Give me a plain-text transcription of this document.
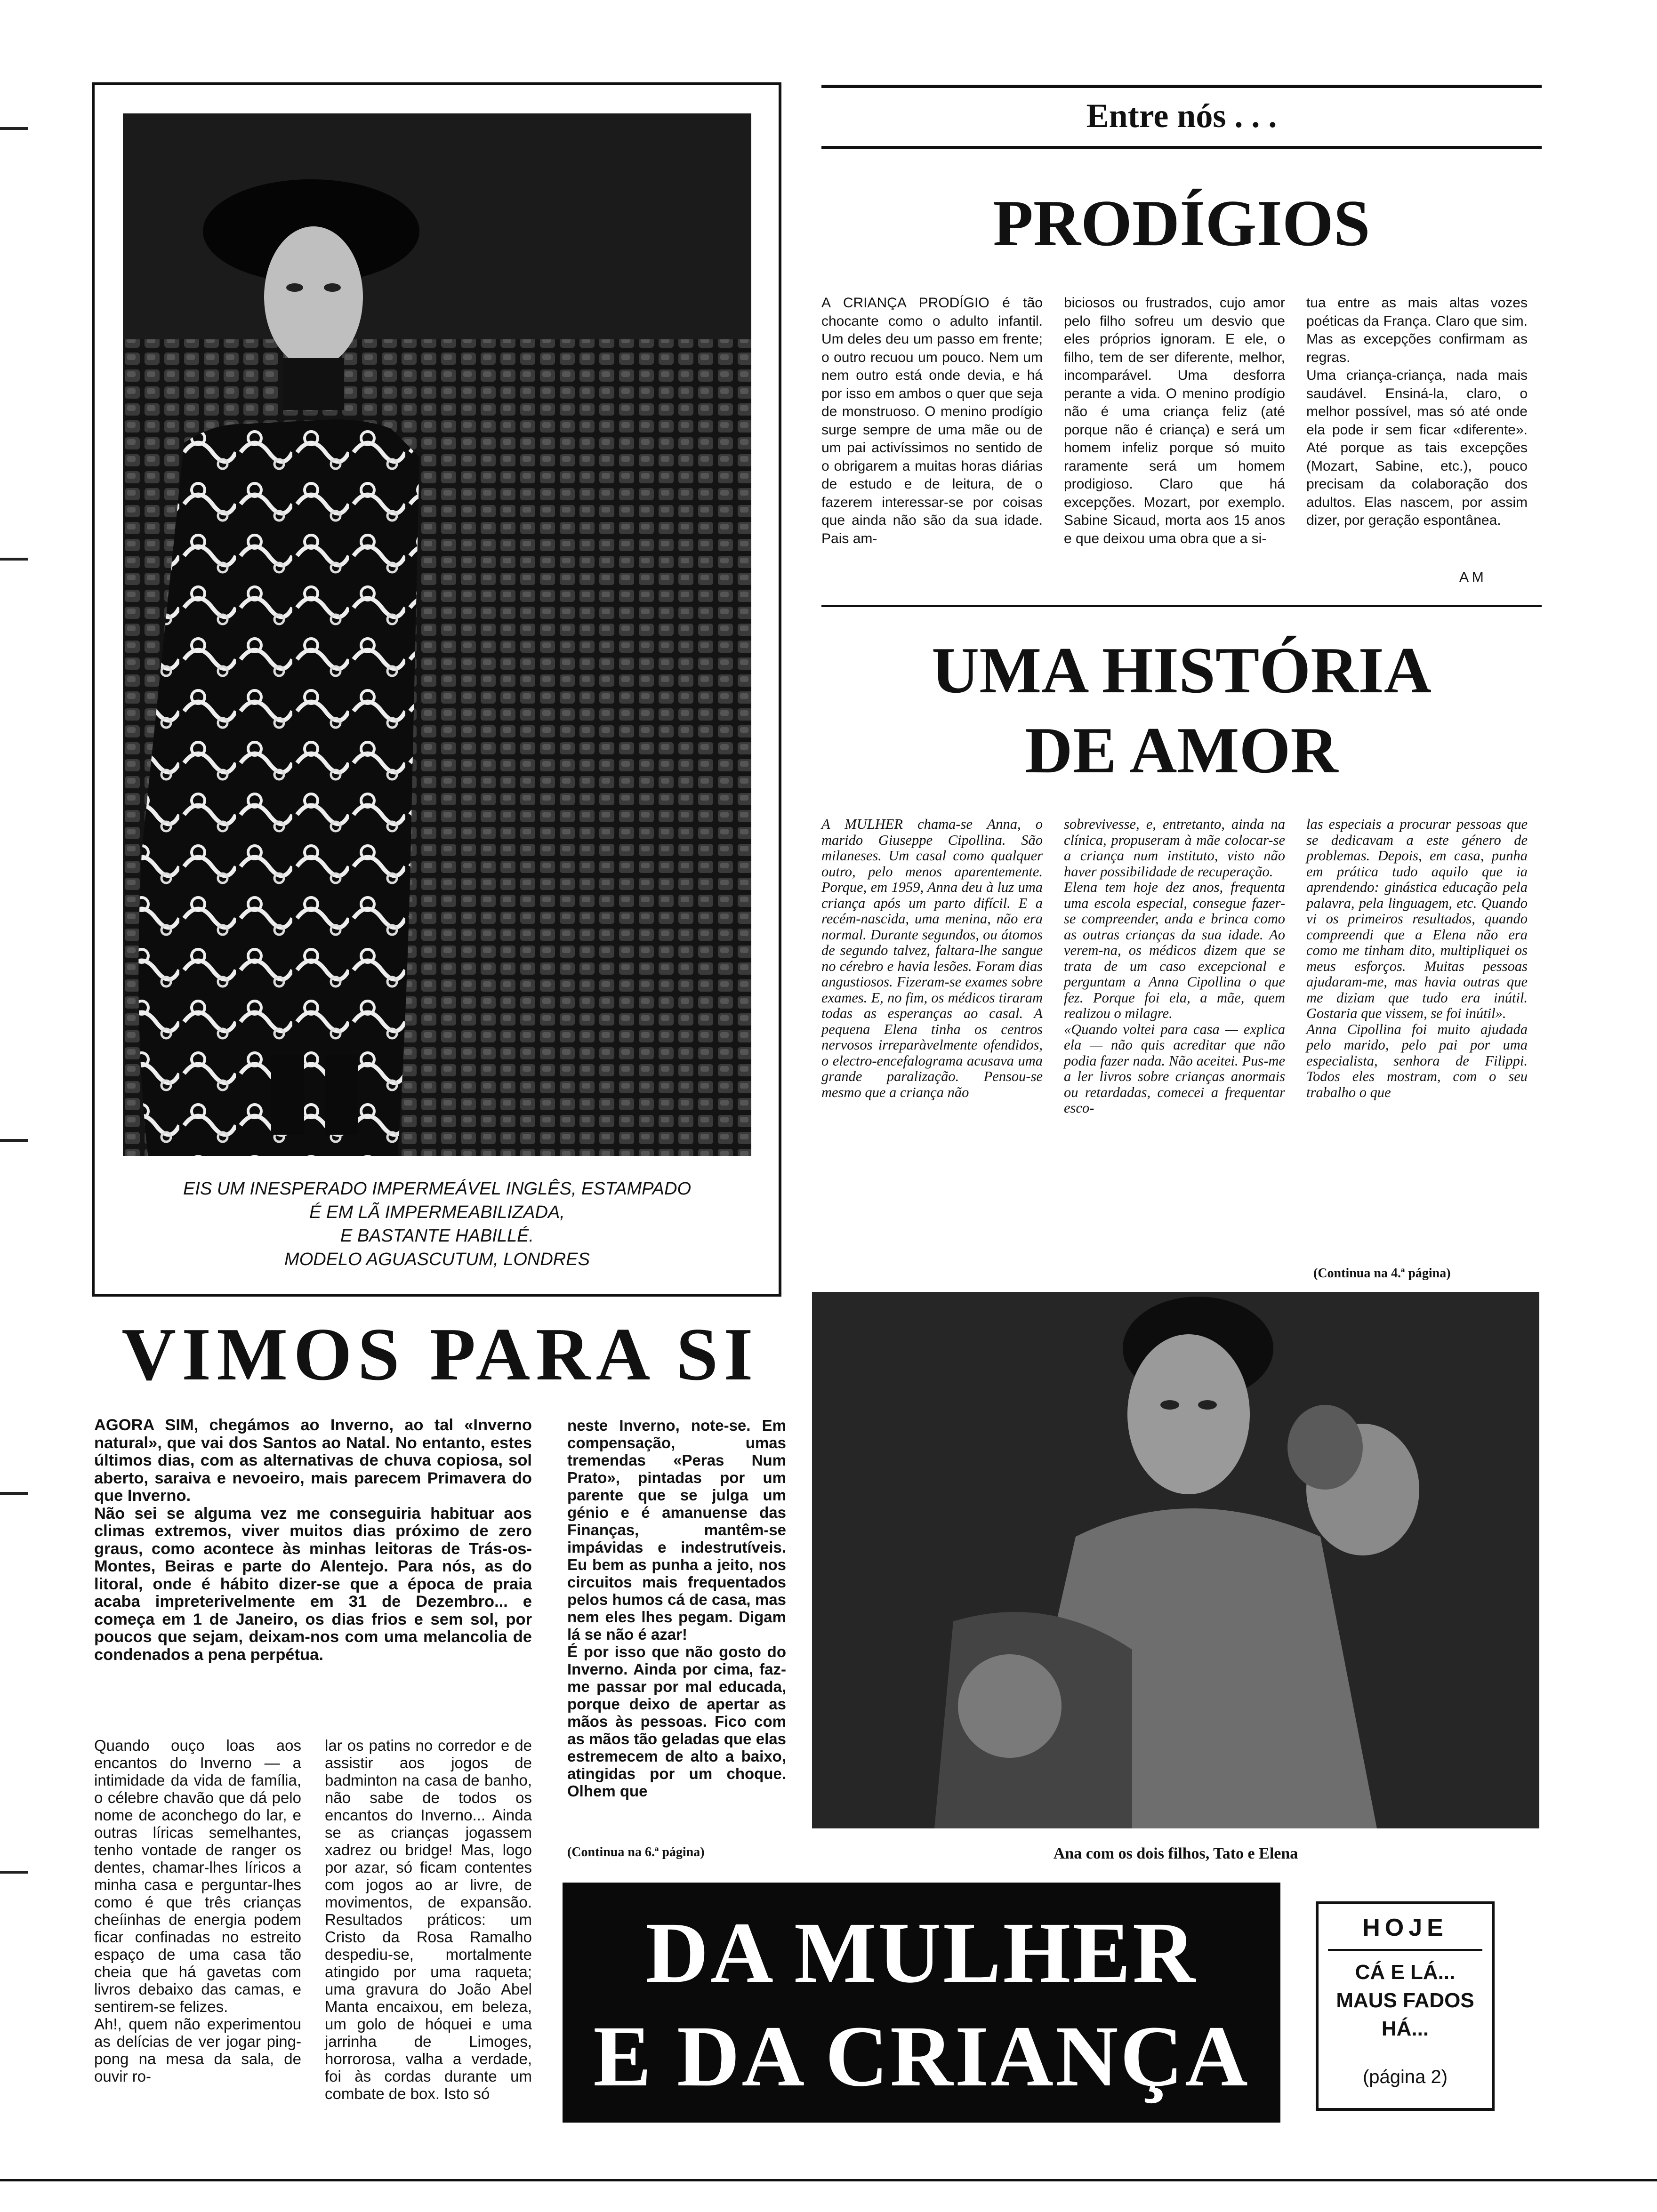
EIS UM INESPERADO IMPERMEÁVEL INGLÊS, ESTAMPADO
É EM LÃ IMPERMEABILIZADA,
E BASTANTE HABILLÉ.
MODELO AGUASCUTUM, LONDRES
Entre nós . . .
PRODÍGIOS
A CRIANÇA PRODÍGIO é tão chocante como o adulto infantil. Um deles deu um passo em frente; o outro recuou um pouco. Nem um nem outro está onde devia, e há por isso em ambos o quer que seja de monstruoso. O menino prodígio surge sempre de uma mãe ou de um pai activíssimos no sentido de o obrigarem a muitas horas diárias de estudo e de leitura, de o fazerem interessar-se por coisas que ainda não são da sua idade. Pais am-
biciosos ou frustrados, cujo amor pelo filho sofreu um desvio que eles próprios ignoram. E ele, o filho, tem de ser diferente, melhor, incomparável. Uma desforra perante a vida. O menino prodígio não é uma criança feliz (até porque não é criança) e será um homem infeliz porque só muito raramente será um homem prodigioso. Claro que há excepções. Mozart, por exemplo. Sabine Sicaud, morta aos 15 anos e que deixou uma obra que a si-
tua entre as mais altas vozes poéticas da França. Claro que sim. Mas as excepções confirmam as regras.
Uma criança-criança, nada mais saudável. Ensiná-la, claro, o melhor possível, mas só até onde ela pode ir sem ficar «diferente». Até porque as tais excepções (Mozart, Sabine, etc.), pouco precisam da colaboração dos adultos. Elas nascem, por assim dizer, por geração espontânea.
A M
UMA HISTÓRIA
DE AMOR
A MULHER chama-se Anna, o marido Giuseppe Cipollina. São milaneses. Um casal como qualquer outro, pelo menos aparentemente. Porque, em 1959, Anna deu à luz uma criança após um parto difícil. E a recém-nascida, uma menina, não era normal. Durante segundos, ou átomos de segundo talvez, faltara-lhe sangue no cérebro e havia lesões. Foram dias angustiosos. Fizeram-se exames sobre exames. E, no fim, os médicos tiraram todas as esperanças ao casal. A pequena Elena tinha os centros nervosos irreparàvelmente ofendidos, o electro-encefalograma acusava uma grande paralização. Pensou-se mesmo que a criança não
sobrevivesse, e, entretanto, ainda na clínica, propuseram à mãe colocar-se a criança num instituto, visto não haver possibilidade de recuperação.
Elena tem hoje dez anos, frequenta uma escola especial, consegue fazer-se compreender, anda e brinca como as outras crianças da sua idade. Ao verem-na, os médicos dizem que se trata de um caso excepcional e perguntam a Anna Cipollina o que fez. Porque foi ela, a mãe, quem realizou o milagre.
«Quando voltei para casa — explica ela — não quis acreditar que não podia fazer nada. Não aceitei. Pus-me a ler livros sobre crianças anormais ou retardadas, comecei a frequentar esco-
las especiais a procurar pessoas que se dedicavam a este género de problemas. Depois, em casa, punha em prática tudo aquilo que ia aprendendo: ginástica educação pela palavra, pela linguagem, etc. Quando vi os primeiros resultados, quando compreendi que a Elena não era como me tinham dito, multipliquei os meus esforços. Muitas pessoas ajudaram-me, mas havia outras que me diziam que tudo era inútil. Gostaria que vissem, se foi inútil».
Anna Cipollina foi muito ajudada pelo marido, pelo pai por uma especialista, senhora de Filippi. Todos eles mostram, com o seu trabalho o que
(Continua na 4.ª página)
Ana com os dois filhos, Tato e Elena
VIMOS PARA SI
AGORA SIM, chegámos ao Inverno, ao tal «Inverno natural», que vai dos Santos ao Natal. No entanto, estes últimos dias, com as alternativas de chuva copiosa, sol aberto, saraiva e nevoeiro, mais parecem Primavera do que Inverno.
Não sei se alguma vez me conseguiria habituar aos climas extremos, viver muitos dias próximo de zero graus, como acontece às minhas leitoras de Trás-os-Montes, Beiras e parte do Alentejo. Para nós, as do litoral, onde é hábito dizer-se que a época de praia acaba impreterivelmente em 31 de Dezembro... e começa em 1 de Janeiro, os dias frios e sem sol, por poucos que sejam, deixam-nos com uma melancolia de condenados a pena perpétua.
neste Inverno, note-se. Em compensação, umas tremendas «Peras Num Prato», pintadas por um parente que se julga um génio e é amanuense das Finanças, mantêm-se impávidas e indestrutíveis. Eu bem as punha a jeito, nos circuitos mais frequentados pelos humos cá de casa, mas nem eles lhes pegam. Digam lá se não é azar!
É por isso que não gosto do Inverno. Ainda por cima, faz-me passar por mal educada, porque deixo de apertar as mãos às pessoas. Fico com as mãos tão geladas que elas estremecem de alto a baixo, atingidas por um choque. Olhem que
Quando ouço loas aos encantos do Inverno — a intimidade da vida de família, o célebre chavão que dá pelo nome de aconchego do lar, e outras líricas semelhantes, tenho vontade de ranger os dentes, chamar-lhes líricos a minha casa e perguntar-lhes como é que três crianças cheíinhas de energia podem ficar confinadas no estreito espaço de uma casa tão cheia que há gavetas com livros debaixo das camas, e sentirem-se felizes.
Ah!, quem não experimentou as delícias de ver jogar ping-pong na mesa da sala, de ouvir ro-
lar os patins no corredor e de assistir aos jogos de badminton na casa de banho, não sabe de todos os encantos do Inverno... Ainda se as crianças jogassem xadrez ou bridge! Mas, logo por azar, só ficam contentes com jogos ao ar livre, de movimentos, de expansão. Resultados práticos: um Cristo da Rosa Ramalho despediu-se, mortalmente atingido por uma raqueta; uma gravura do João Abel Manta encaixou, em beleza, um golo de hóquei e uma jarrinha de Limoges, horrorosa, valha a verdade, foi às cordas durante um combate de box. Isto só
(Continua na 6.ª página)
DA MULHER
E DA CRIANÇA
HOJE
CÁ E LÁ...
MAUS FADOS
HÁ...
(página 2)
